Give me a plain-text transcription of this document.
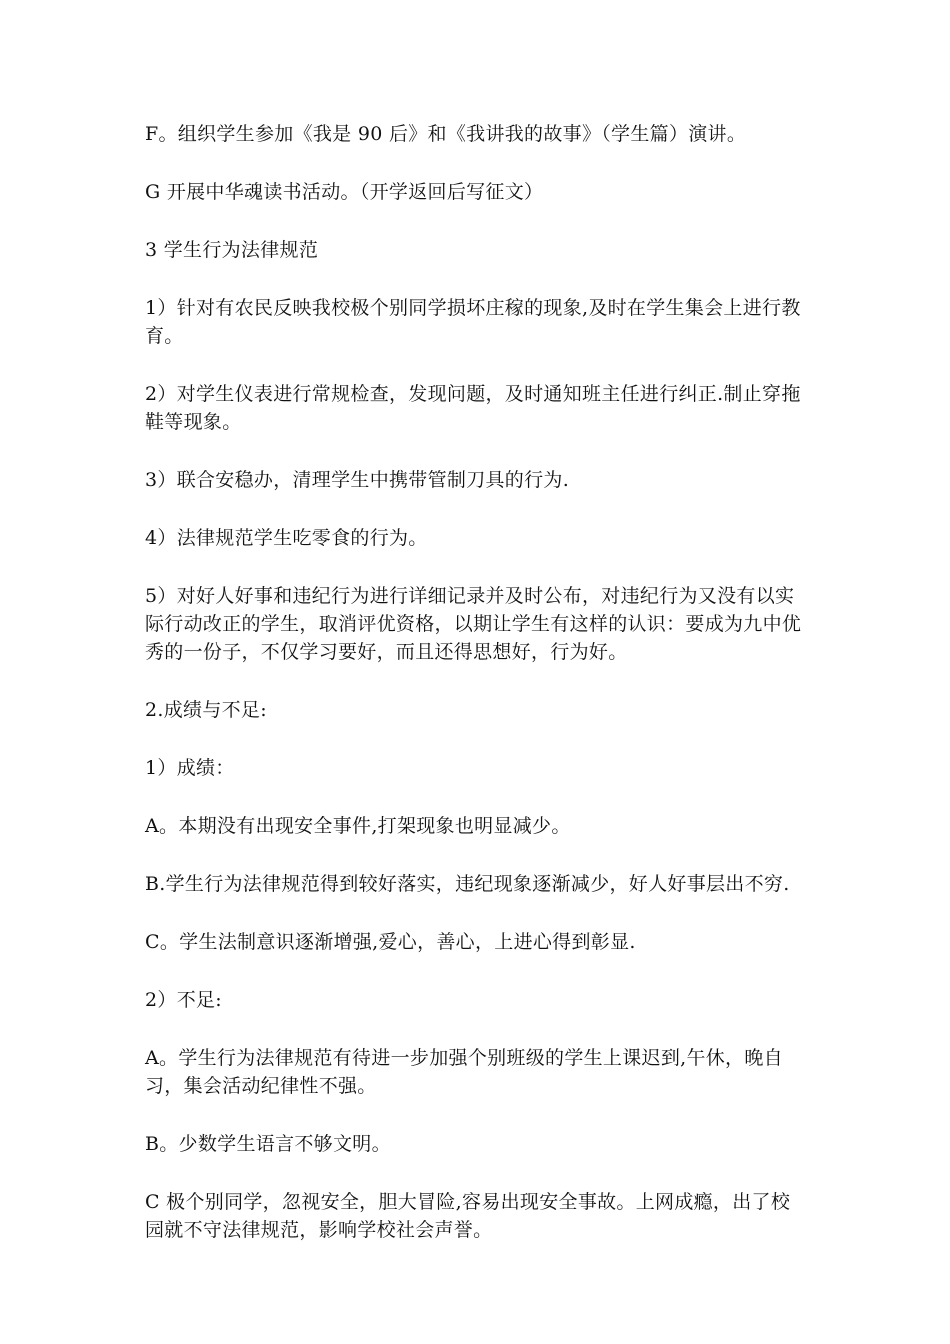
F。组织学生参加《我是 90 后》和《我讲我的故事》（学生篇）演讲。

G 开展中华魂读书活动。（开学返回后写征文）

3 学生行为法律规范

1）针对有农民反映我校极个别同学损坏庄稼的现象,及时在学生集会上进行教育。

2）对学生仪表进行常规检查，发现问题，及时通知班主任进行纠正.制止穿拖鞋等现象。

3）联合安稳办，清理学生中携带管制刀具的行为.

4）法律规范学生吃零食的行为。

5）对好人好事和违纪行为进行详细记录并及时公布，对违纪行为又没有以实际行动改正的学生，取消评优资格，以期让学生有这样的认识：要成为九中优秀的一份子，不仅学习要好，而且还得思想好，行为好。

2.成绩与不足:

1）成绩：

A。本期没有出现安全事件,打架现象也明显减少。

B.学生行为法律规范得到较好落实，违纪现象逐渐减少，好人好事层出不穷.

C。学生法制意识逐渐增强,爱心，善心，上进心得到彰显.

2）不足:

A。学生行为法律规范有待进一步加强个别班级的学生上课迟到,午休，晚自习，集会活动纪律性不强。

B。少数学生语言不够文明。

C 极个别同学，忽视安全，胆大冒险,容易出现安全事故。上网成瘾，出了校园就不守法律规范，影响学校社会声誉。
